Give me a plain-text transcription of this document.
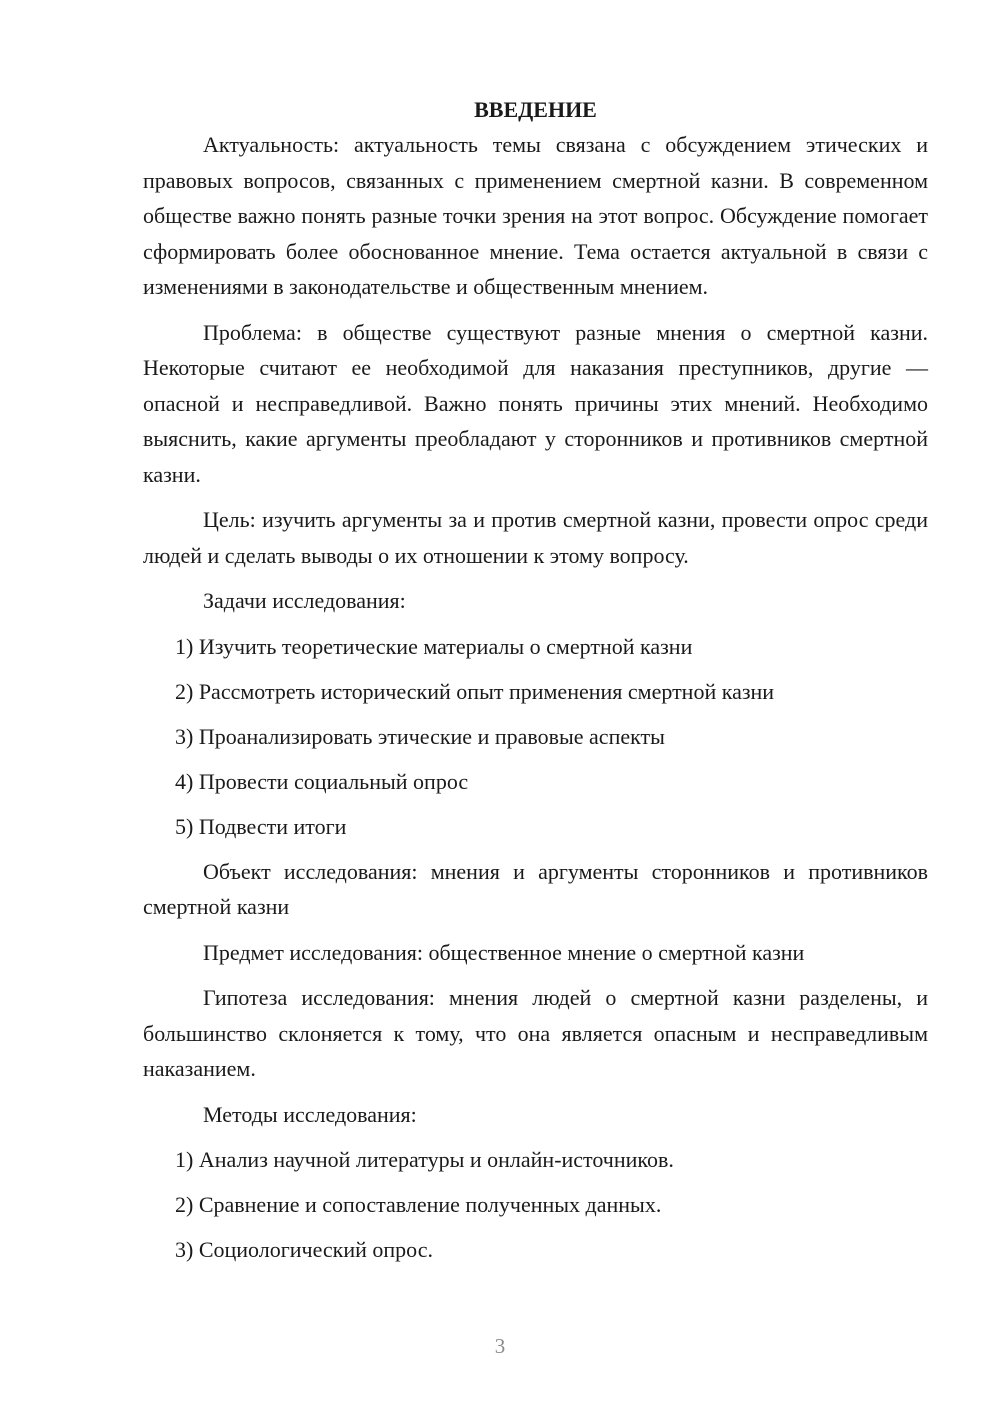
ВВЕДЕНИЕ

Актуальность: актуальность темы связана с обсуждением этических и правовых вопросов, связанных с применением смертной казни. В современном обществе важно понять разные точки зрения на этот вопрос. Обсуждение помогает сформировать более обоснованное мнение. Тема остается актуальной в связи с изменениями в законодательстве и общественным мнением.

Проблема: в обществе существуют разные мнения о смертной казни. Некоторые считают ее необходимой для наказания преступников, другие — опасной и несправедливой. Важно понять причины этих мнений. Необходимо выяснить, какие аргументы преобладают у сторонников и противников смертной казни.

Цель: изучить аргументы за и против смертной казни, провести опрос среди людей и сделать выводы о их отношении к этому вопросу.

Задачи исследования:

1) Изучить теоретические материалы о смертной казни

2) Рассмотреть исторический опыт применения смертной казни

3) Проанализировать этические и правовые аспекты

4) Провести социальный опрос

5) Подвести итоги

Объект исследования: мнения и аргументы сторонников и противников смертной казни

Предмет исследования: общественное мнение о смертной казни

Гипотеза исследования: мнения людей о смертной казни разделены, и большинство склоняется к тому, что она является опасным и несправедливым наказанием.

Методы исследования:

1) Анализ научной литературы и онлайн-источников.

2) Сравнение и сопоставление полученных данных.

3) Социологический опрос.

3
